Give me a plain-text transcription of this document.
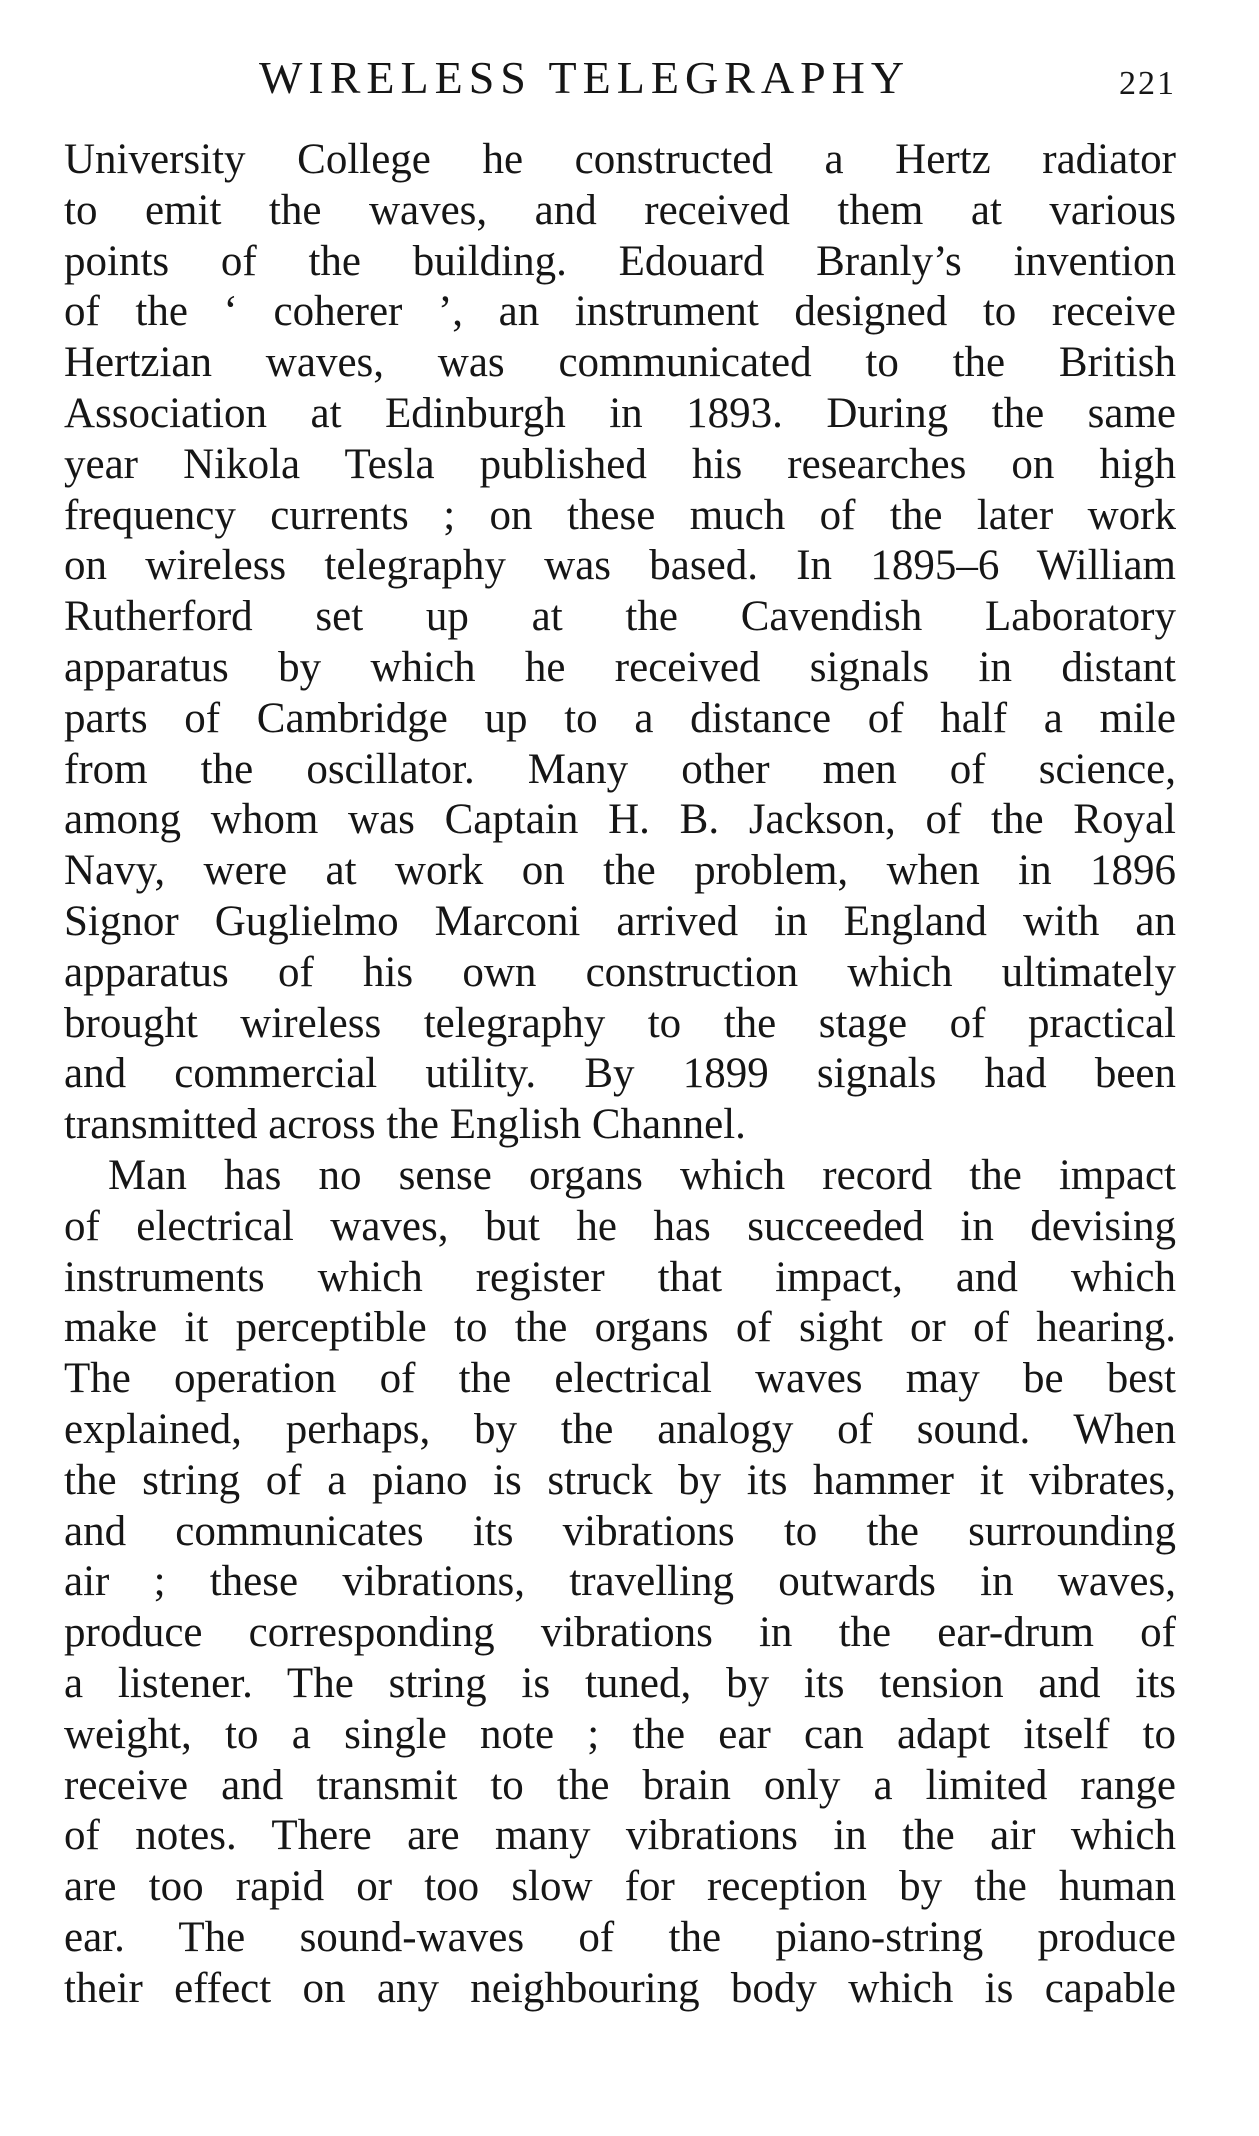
WIRELESS TELEGRAPHY	221
University College he constructed a Hertz radiator
to emit the waves, and received them at various
points of the building. Edouard Branly’s invention
of the ‘ coherer ’, an instrument designed to receive
Hertzian waves, was communicated to the British
Association at Edinburgh in 1893. During the same
year Nikola Tesla published his researches on high
frequency currents ; on these much of the later work
on wireless telegraphy was based. In 1895–6 William
Rutherford set up at the Cavendish Laboratory
apparatus by which he received signals in distant
parts of Cambridge up to a distance of half a mile
from the oscillator. Many other men of science,
among whom was Captain H. B. Jackson, of the Royal
Navy, were at work on the problem, when in 1896
Signor Guglielmo Marconi arrived in England with an
apparatus of his own construction which ultimately
brought wireless telegraphy to the stage of practical
and commercial utility. By 1899 signals had been
transmitted across the English Channel.
Man has no sense organs which record the impact
of electrical waves, but he has succeeded in devising
instruments which register that impact, and which
make it perceptible to the organs of sight or of hearing.
The operation of the electrical waves may be best
explained, perhaps, by the analogy of sound. When
the string of a piano is struck by its hammer it vibrates,
and communicates its vibrations to the surrounding
air ; these vibrations, travelling outwards in waves,
produce corresponding vibrations in the ear-drum of
a listener. The string is tuned, by its tension and its
weight, to a single note ; the ear can adapt itself to
receive and transmit to the brain only a limited range
of notes. There are many vibrations in the air which
are too rapid or too slow for reception by the human
ear. The sound-waves of the piano-string produce
their effect on any neighbouring body which is capable
